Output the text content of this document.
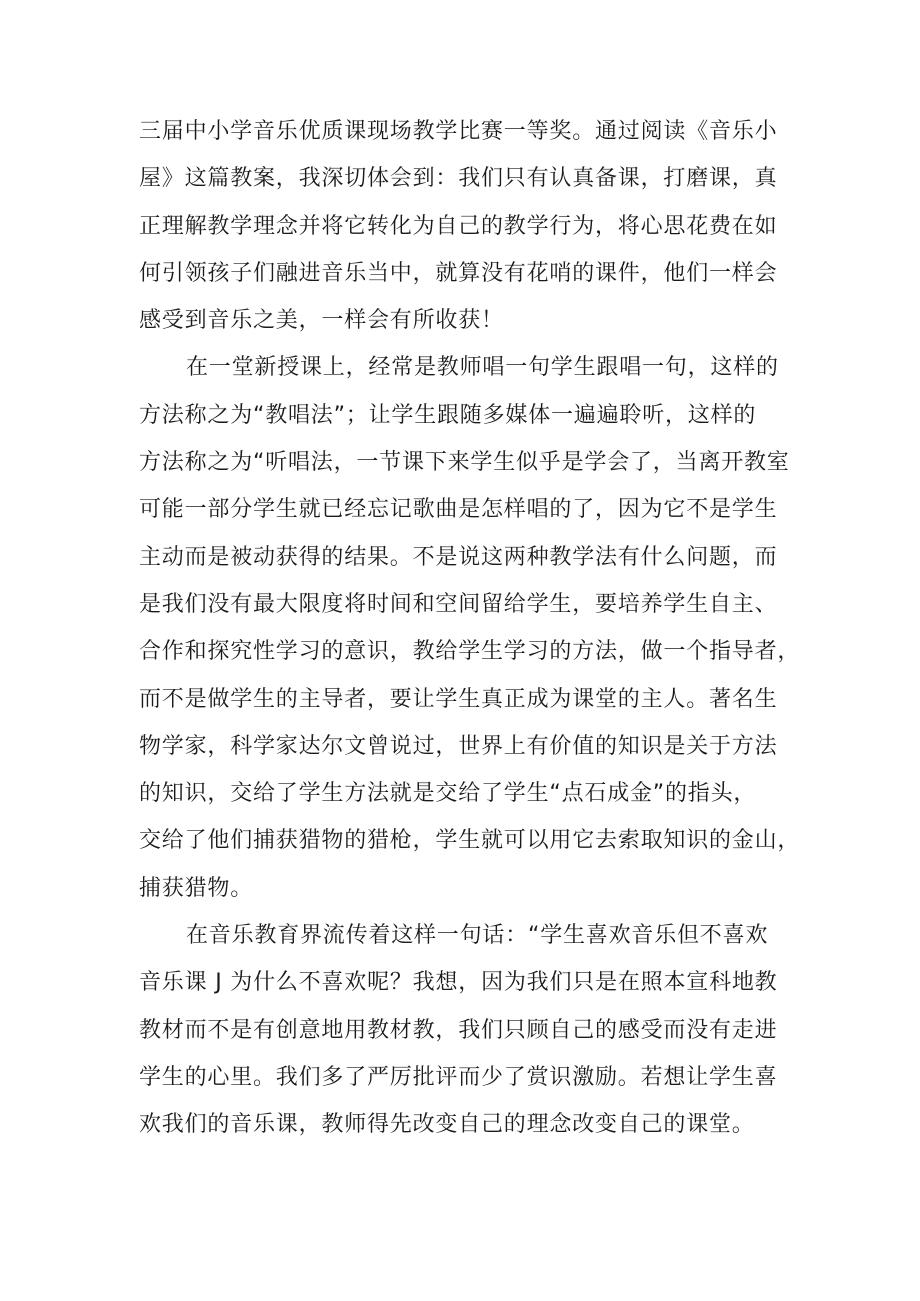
三届中小学音乐优质课现场教学比赛一等奖。通过阅读《音乐小
屋》这篇教案，我深切体会到：我们只有认真备课，打磨课，真
正理解教学理念并将它转化为自己的教学行为，将心思花费在如
何引领孩子们融进音乐当中，就算没有花哨的课件，他们一样会
感受到音乐之美，一样会有所收获！
在一堂新授课上，经常是教师唱一句学生跟唱一句，这样的
方法称之为“教唱法”；让学生跟随多媒体一遍遍聆听，这样的
方法称之为“听唱法，一节课下来学生似乎是学会了，当离开教室
可能一部分学生就已经忘记歌曲是怎样唱的了，因为它不是学生
主动而是被动获得的结果。不是说这两种教学法有什么问题，而
是我们没有最大限度将时间和空间留给学生，要培养学生自主、
合作和探究性学习的意识，教给学生学习的方法，做一个指导者，
而不是做学生的主导者，要让学生真正成为课堂的主人。著名生
物学家，科学家达尔文曾说过，世界上有价值的知识是关于方法
的知识，交给了学生方法就是交给了学生“点石成金”的指头，
交给了他们捕获猎物的猎枪，学生就可以用它去索取知识的金山，
捕获猎物。
在音乐教育界流传着这样一句话：“学生喜欢音乐但不喜欢
音乐课 J 为什么不喜欢呢？我想，因为我们只是在照本宣科地教
教材而不是有创意地用教材教，我们只顾自己的感受而没有走进
学生的心里。我们多了严厉批评而少了赏识激励。若想让学生喜
欢我们的音乐课，教师得先改变自己的理念改变自己的课堂。
